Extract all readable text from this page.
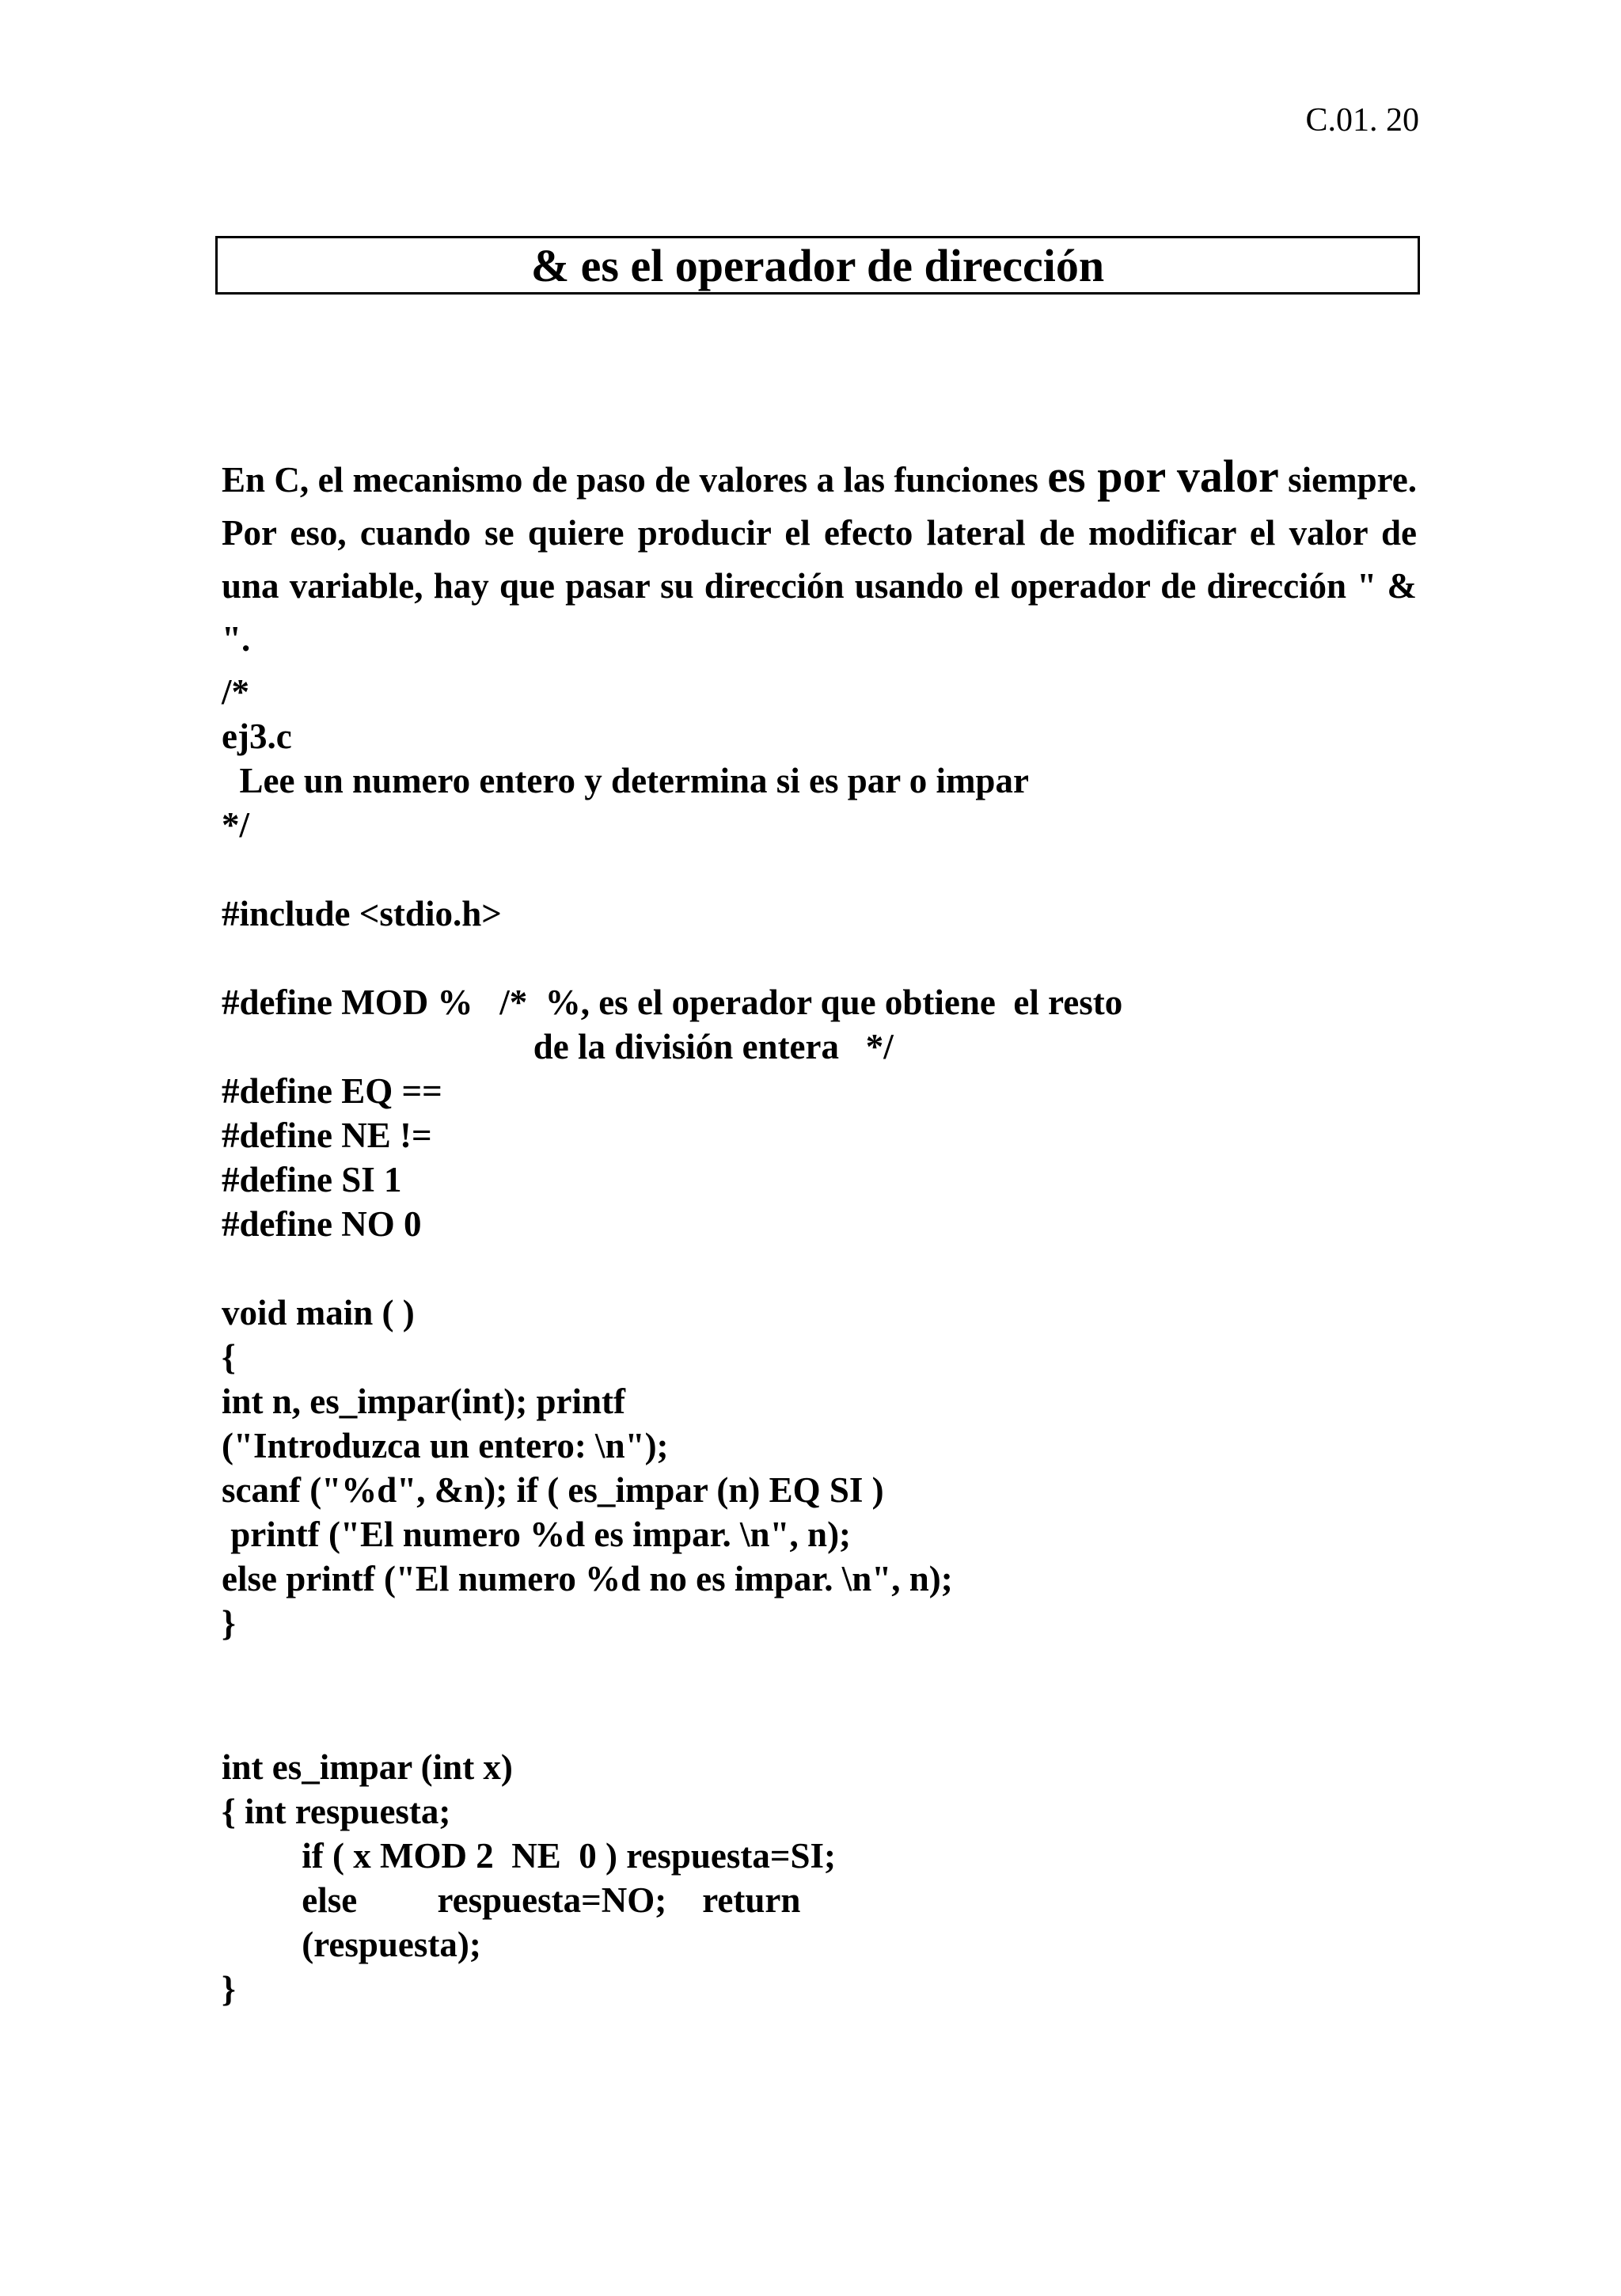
C.01. 20
& es el operador de dirección
En C, el mecanismo de paso de valores a las funciones es por valor siempre. Por eso, cuando se quiere producir el efecto lateral de modificar el valor de una variable, hay que pasar su dirección usando el operador de dirección " & ".
/*
ej3.c
Lee un numero entero y determina si es par o impar
*/
#include <stdio.h>
#define MOD %   /*  %, es el operador que obtiene  el resto
de la división entera   */
#define EQ ==
#define NE !=
#define SI 1
#define NO 0
void main ( )
{
int n, es_impar(int); printf
("Introduzca un entero: \n");
scanf ("%d", &n); if ( es_impar (n) EQ SI )
printf ("El numero %d es impar. \n", n);
else printf ("El numero %d no es impar. \n", n);
}
int es_impar (int x)
{ int respuesta;
if ( x MOD 2  NE  0 ) respuesta=SI;
else         respuesta=NO;    return
(respuesta);
}
